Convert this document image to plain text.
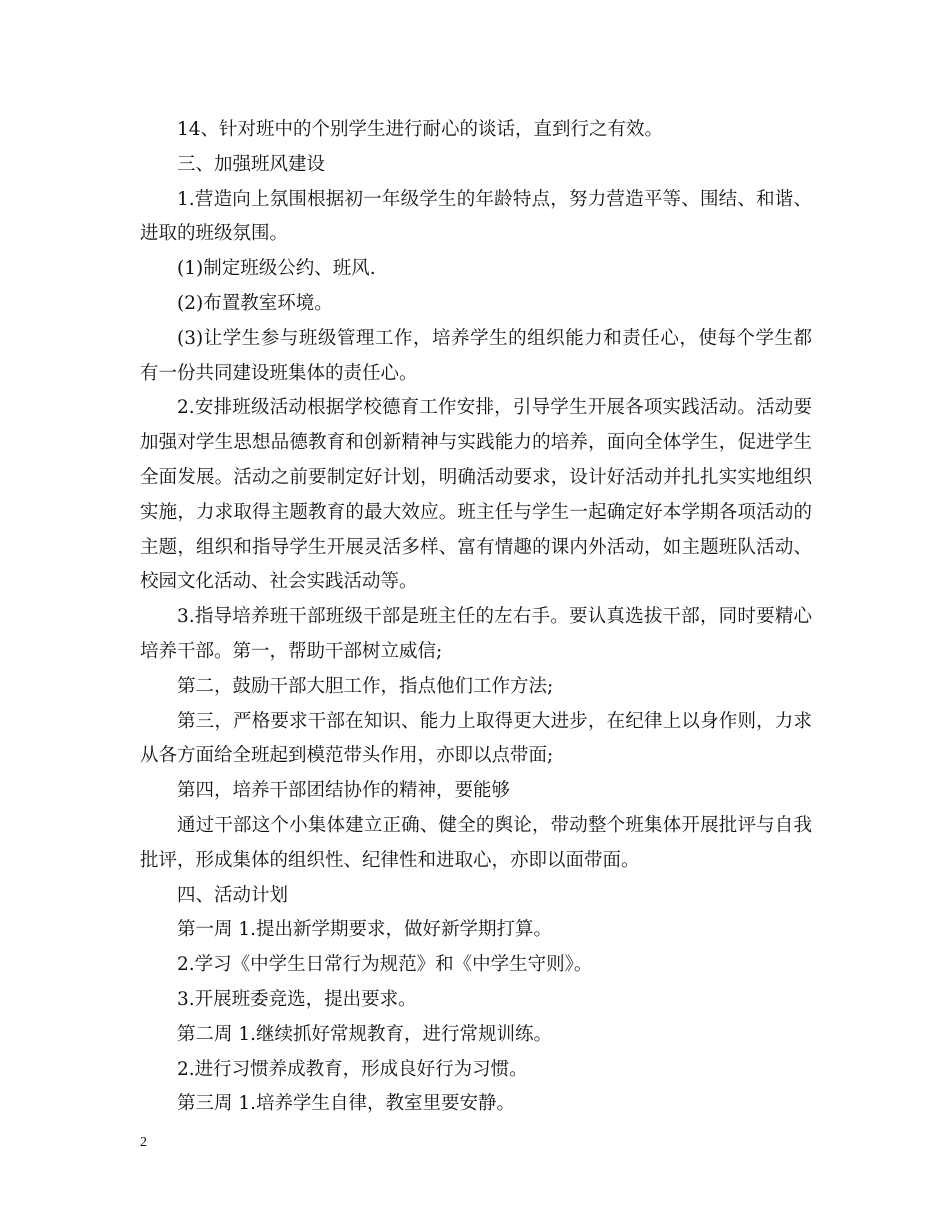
14、针对班中的个别学生进行耐心的谈话，直到行之有效。

三、加强班风建设

1.营造向上氛围根据初一年级学生的年龄特点，努力营造平等、围结、和谐、进取的班级氛围。

(1)制定班级公约、班风.

(2)布置教室环境。

(3)让学生参与班级管理工作，培养学生的组织能力和责任心，使每个学生都有一份共同建设班集体的责任心。

2.安排班级活动根据学校德育工作安排，引导学生开展各项实践活动。活动要加强对学生思想品德教育和创新精神与实践能力的培养，面向全体学生，促进学生全面发展。活动之前要制定好计划，明确活动要求，设计好活动并扎扎实实地组织实施，力求取得主题教育的最大效应。班主任与学生一起确定好本学期各项活动的主题，组织和指导学生开展灵活多样、富有情趣的课内外活动，如主题班队活动、校园文化活动、社会实践活动等。

3.指导培养班干部班级干部是班主任的左右手。要认真选拔干部，同时要精心培养干部。第一，帮助干部树立威信;

第二，鼓励干部大胆工作，指点他们工作方法;

第三，严格要求干部在知识、能力上取得更大进步，在纪律上以身作则，力求从各方面给全班起到模范带头作用，亦即以点带面;

第四，培养干部团结协作的精神，要能够

通过干部这个小集体建立正确、健全的舆论，带动整个班集体开展批评与自我批评，形成集体的组织性、纪律性和进取心，亦即以面带面。

四、活动计划

第一周 1.提出新学期要求，做好新学期打算。

2.学习《中学生日常行为规范》和《中学生守则》。

3.开展班委竞选，提出要求。

第二周 1.继续抓好常规教育，进行常规训练。

2.进行习惯养成教育，形成良好行为习惯。

第三周 1.培养学生自律，教室里要安静。

2
